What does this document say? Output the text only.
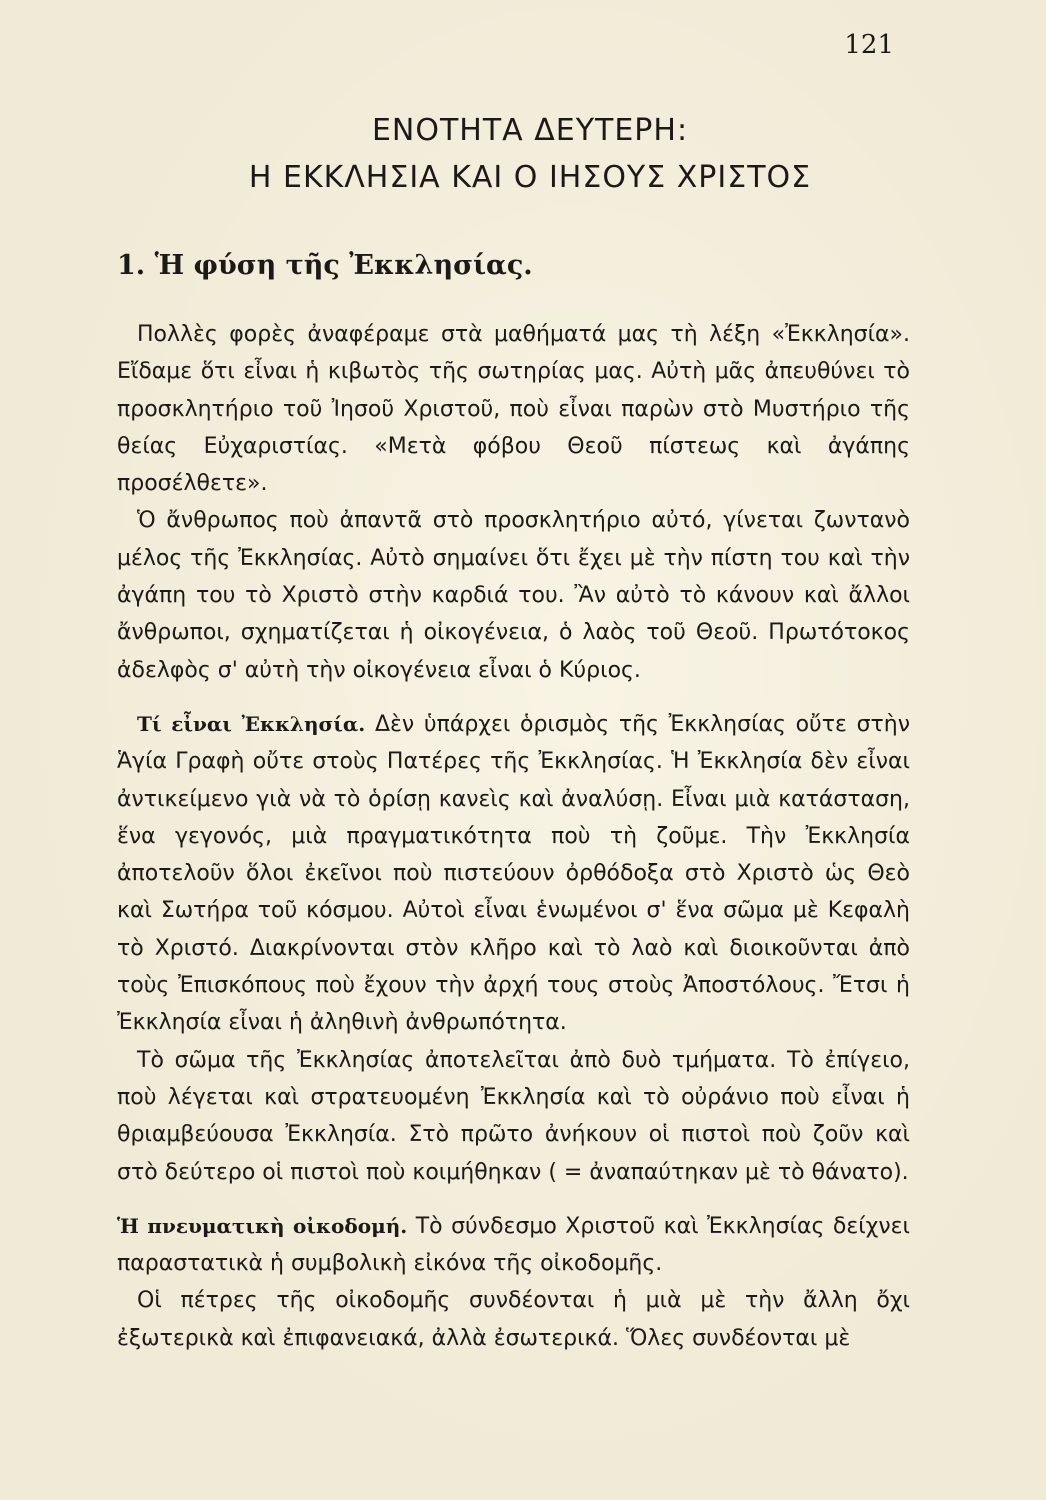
121
ΕΝΟΤΗΤΑ ΔΕΥΤΕΡΗ:
Η ΕΚΚΛΗΣΙΑ ΚΑΙ Ο ΙΗΣΟΥΣ ΧΡΙΣΤΟΣ
1. Ἡ φύση τῆς Ἐκκλησίας.

Πολλὲς φορὲς ἀναφέραμε στὰ μαθήματά μας τὴ λέξη «Ἐκκλησία». Εἴδαμε ὅτι εἶναι ἡ κιβωτὸς τῆς σωτηρίας μας. Αὐτὴ μᾶς ἀπευθύνει τὸ προσκλητήριο τοῦ Ἰησοῦ Χριστοῦ, ποὺ εἶναι παρὼν στὸ Μυστήριο τῆς θείας Εὐχαριστίας. «Μετὰ φόβου Θεοῦ πίστεως καὶ ἀγάπης προσέλθετε».

Ὁ ἄνθρωπος ποὺ ἀπαντᾶ στὸ προσκλητήριο αὐτό, γίνεται ζωντανὸ μέλος τῆς Ἐκκλησίας. Αὐτὸ σημαίνει ὅτι ἔχει μὲ τὴν πίστη του καὶ τὴν ἀγάπη του τὸ Χριστὸ στὴν καρδιά του. Ἂν αὐτὸ τὸ κάνουν καὶ ἄλλοι ἄνθρωποι, σχηματίζεται ἡ οἰκογένεια, ὁ λαὸς τοῦ Θεοῦ. Πρωτότοκος ἀδελφὸς σ' αὐτὴ τὴν οἰκογένεια εἶναι ὁ Κύριος.

Τί εἶναι Ἐκκλησία. Δὲν ὑπάρχει ὁρισμὸς τῆς Ἐκκλησίας οὔτε στὴν Ἁγία Γραφὴ οὔτε στοὺς Πατέρες τῆς Ἐκκλησίας. Ἡ Ἐκκλησία δὲν εἶναι ἀντικείμενο γιὰ νὰ τὸ ὁρίσῃ κανεὶς καὶ ἀναλύσῃ. Εἶναι μιὰ κατάσταση, ἕνα γεγονός, μιὰ πραγματικότητα ποὺ τὴ ζοῦμε. Τὴν Ἐκκλησία ἀποτελοῦν ὅλοι ἐκεῖνοι ποὺ πιστεύουν ὀρθόδοξα στὸ Χριστὸ ὡς Θεὸ καὶ Σωτήρα τοῦ κόσμου. Αὐτοὶ εἶναι ἑνωμένοι σ' ἕνα σῶμα μὲ Κεφαλὴ τὸ Χριστό. Διακρίνονται στὸν κλῆρο καὶ τὸ λαὸ καὶ διοικοῦνται ἀπὸ τοὺς Ἐπισκόπους ποὺ ἔχουν τὴν ἀρχή τους στοὺς Ἀποστόλους. Ἔτσι ἡ Ἐκκλησία εἶναι ἡ ἀληθινὴ ἀνθρωπότητα.

Τὸ σῶμα τῆς Ἐκκλησίας ἀποτελεῖται ἀπὸ δυὸ τμήματα. Τὸ ἐπίγειο, ποὺ λέγεται καὶ στρατευομένη Ἐκκλησία καὶ τὸ οὐράνιο ποὺ εἶναι ἡ θριαμβεύουσα Ἐκκλησία. Στὸ πρῶτο ἀνήκουν οἱ πιστοὶ ποὺ ζοῦν καὶ στὸ δεύτερο οἱ πιστοὶ ποὺ κοιμήθηκαν ( = ἀναπαύτηκαν μὲ τὸ θάνατο).

Ἡ πνευματικὴ οἰκοδομή. Τὸ σύνδεσμο Χριστοῦ καὶ Ἐκκλησίας δείχνει παραστατικὰ ἡ συμβολικὴ εἰκόνα τῆς οἰκοδομῆς.

Οἱ πέτρες τῆς οἰκοδομῆς συνδέονται ἡ μιὰ μὲ τὴν ἄλλη ὄχι ἐξωτερικὰ καὶ ἐπιφανειακά, ἀλλὰ ἐσωτερικά. Ὅλες συνδέονται μὲ
